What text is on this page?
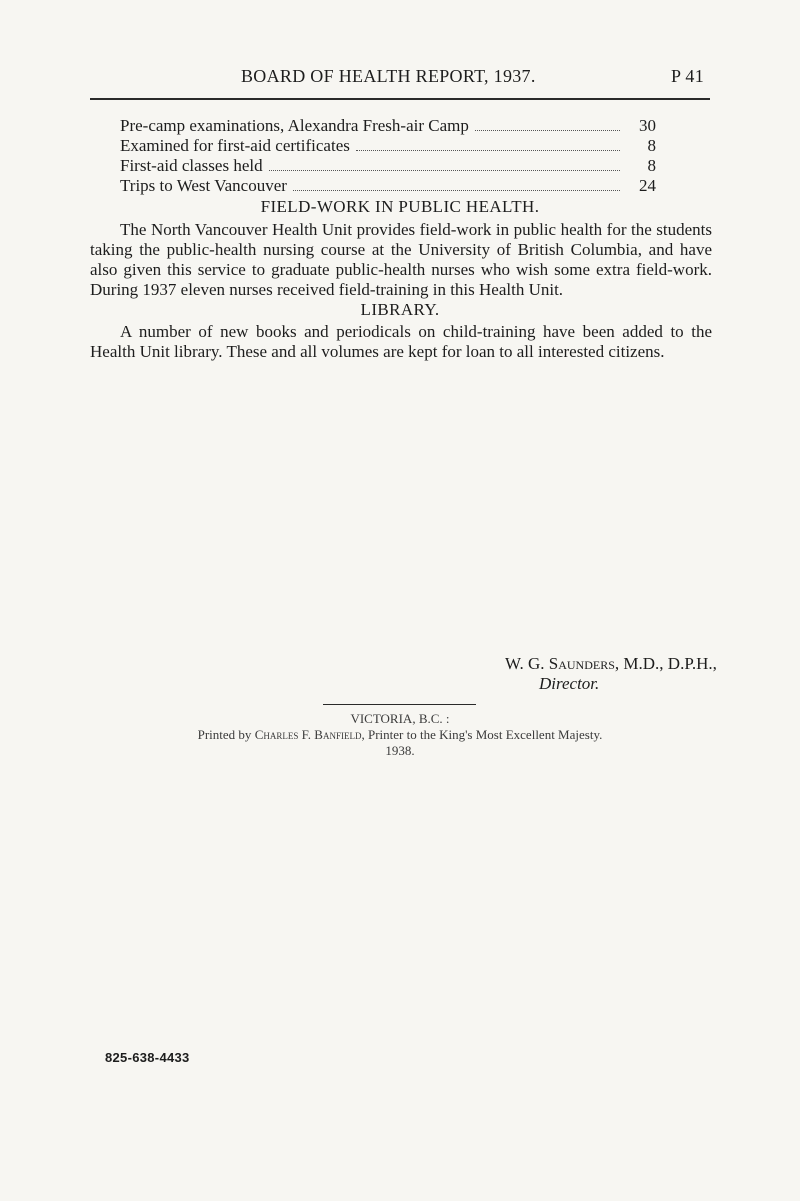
BOARD OF HEALTH REPORT, 1937.	P 41
Pre-camp examinations, Alexandra Fresh-air Camp	30
Examined for first-aid certificates	8
First-aid classes held	8
Trips to West Vancouver	24
FIELD-WORK IN PUBLIC HEALTH.
The North Vancouver Health Unit provides field-work in public health for the students taking the public-health nursing course at the University of British Columbia, and have also given this service to graduate public-health nurses who wish some extra field-work. During 1937 eleven nurses received field-training in this Health Unit.
LIBRARY.
A number of new books and periodicals on child-training have been added to the Health Unit library. These and all volumes are kept for loan to all interested citizens.
W. G. Saunders, M.D., D.P.H.,
Director.
VICTORIA, B.C. :
Printed by Charles F. Banfield, Printer to the King's Most Excellent Majesty.
1938.
825-638-4433
